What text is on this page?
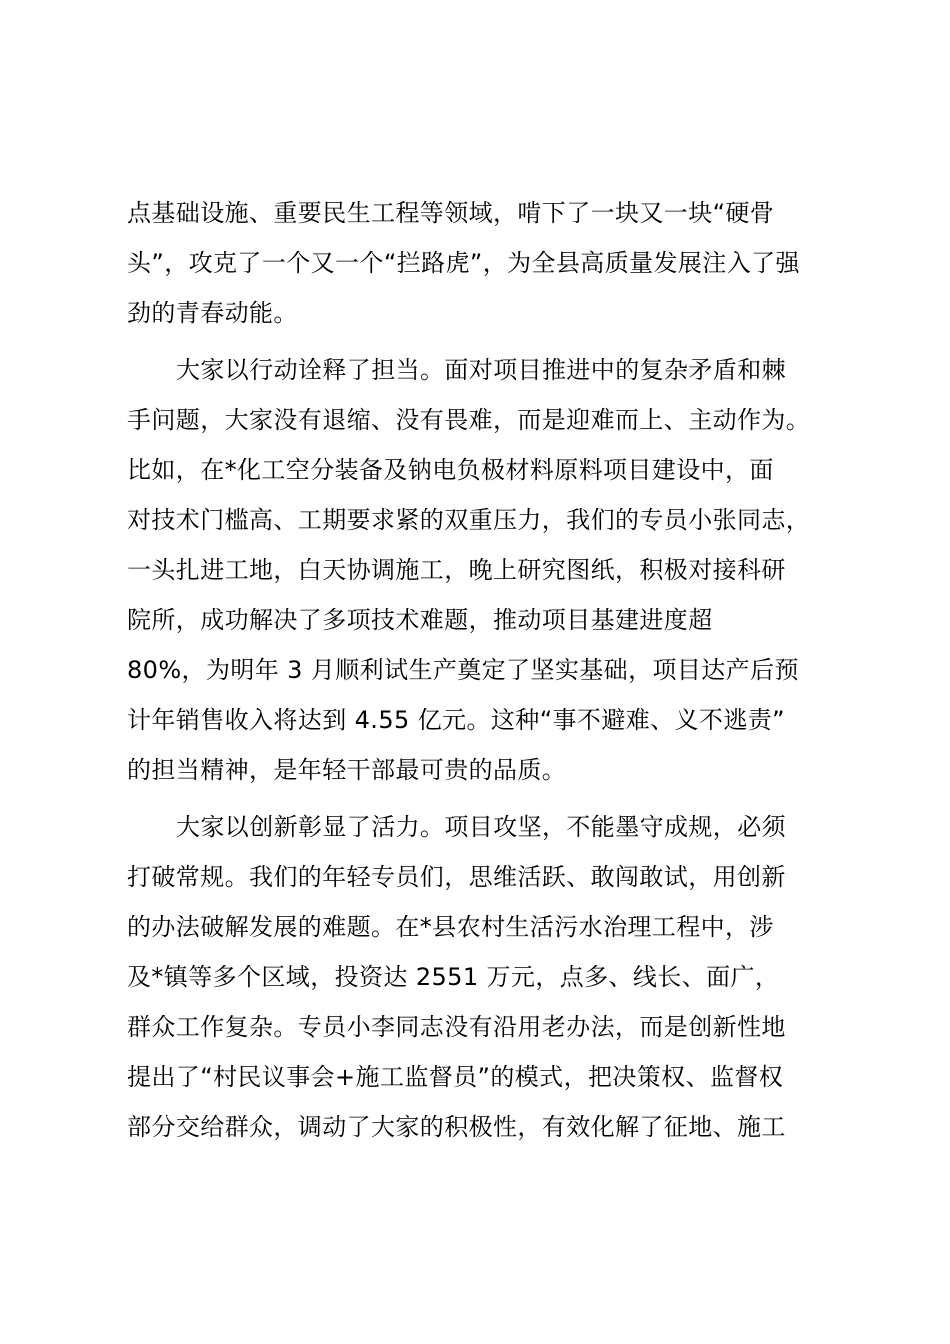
点基础设施、重要民生工程等领域，啃下了一块又一块“硬骨
头”，攻克了一个又一个“拦路虎”，为全县高质量发展注入了强
劲的青春动能。
大家以行动诠释了担当。面对项目推进中的复杂矛盾和棘
手问题，大家没有退缩、没有畏难，而是迎难而上、主动作为。
比如，在*化工空分装备及钠电负极材料原料项目建设中，面
对技术门槛高、工期要求紧的双重压力，我们的专员小张同志，
一头扎进工地，白天协调施工，晚上研究图纸，积极对接科研
院所，成功解决了多项技术难题，推动项目基建进度超
80%，为明年 3 月顺利试生产奠定了坚实基础，项目达产后预
计年销售收入将达到 4.55 亿元。这种“事不避难、义不逃责”
的担当精神，是年轻干部最可贵的品质。
大家以创新彰显了活力。项目攻坚，不能墨守成规，必须
打破常规。我们的年轻专员们，思维活跃、敢闯敢试，用创新
的办法破解发展的难题。在*县农村生活污水治理工程中，涉
及*镇等多个区域，投资达 2551 万元，点多、线长、面广，
群众工作复杂。专员小李同志没有沿用老办法，而是创新性地
提出了“村民议事会+施工监督员”的模式，把决策权、监督权
部分交给群众，调动了大家的积极性，有效化解了征地、施工
